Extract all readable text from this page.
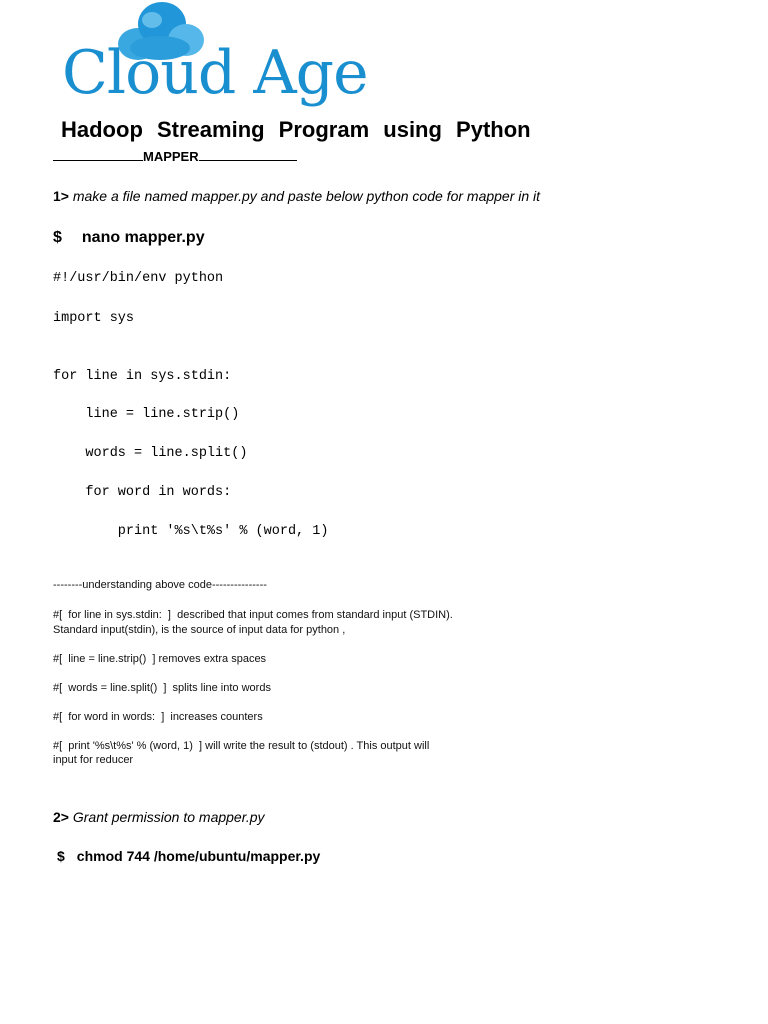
Cloud Age
Hadoop Streaming Program using Python
MAPPER
1> make a file named mapper.py and paste below python code for mapper in it
$ nano mapper.py
#!/usr/bin/env python
import sys
for line in sys.stdin:
line = line.strip()
words = line.split()
for word in words:
print '%s\t%s' % (word, 1)
--------understanding above code---------------
#[  for line in sys.stdin:  ]  described that input comes from standard input (STDIN).
Standard input(stdin), is the source of input data for python ,
#[  line = line.strip()  ] removes extra spaces
#[  words = line.split()  ]  splits line into words
#[  for word in words:  ]  increases counters
#[  print '%s\t%s' % (word, 1)  ] will write the result to (stdout) . This output will
input for reducer
2> Grant permission to mapper.py
$ chmod 744 /home/ubuntu/mapper.py
